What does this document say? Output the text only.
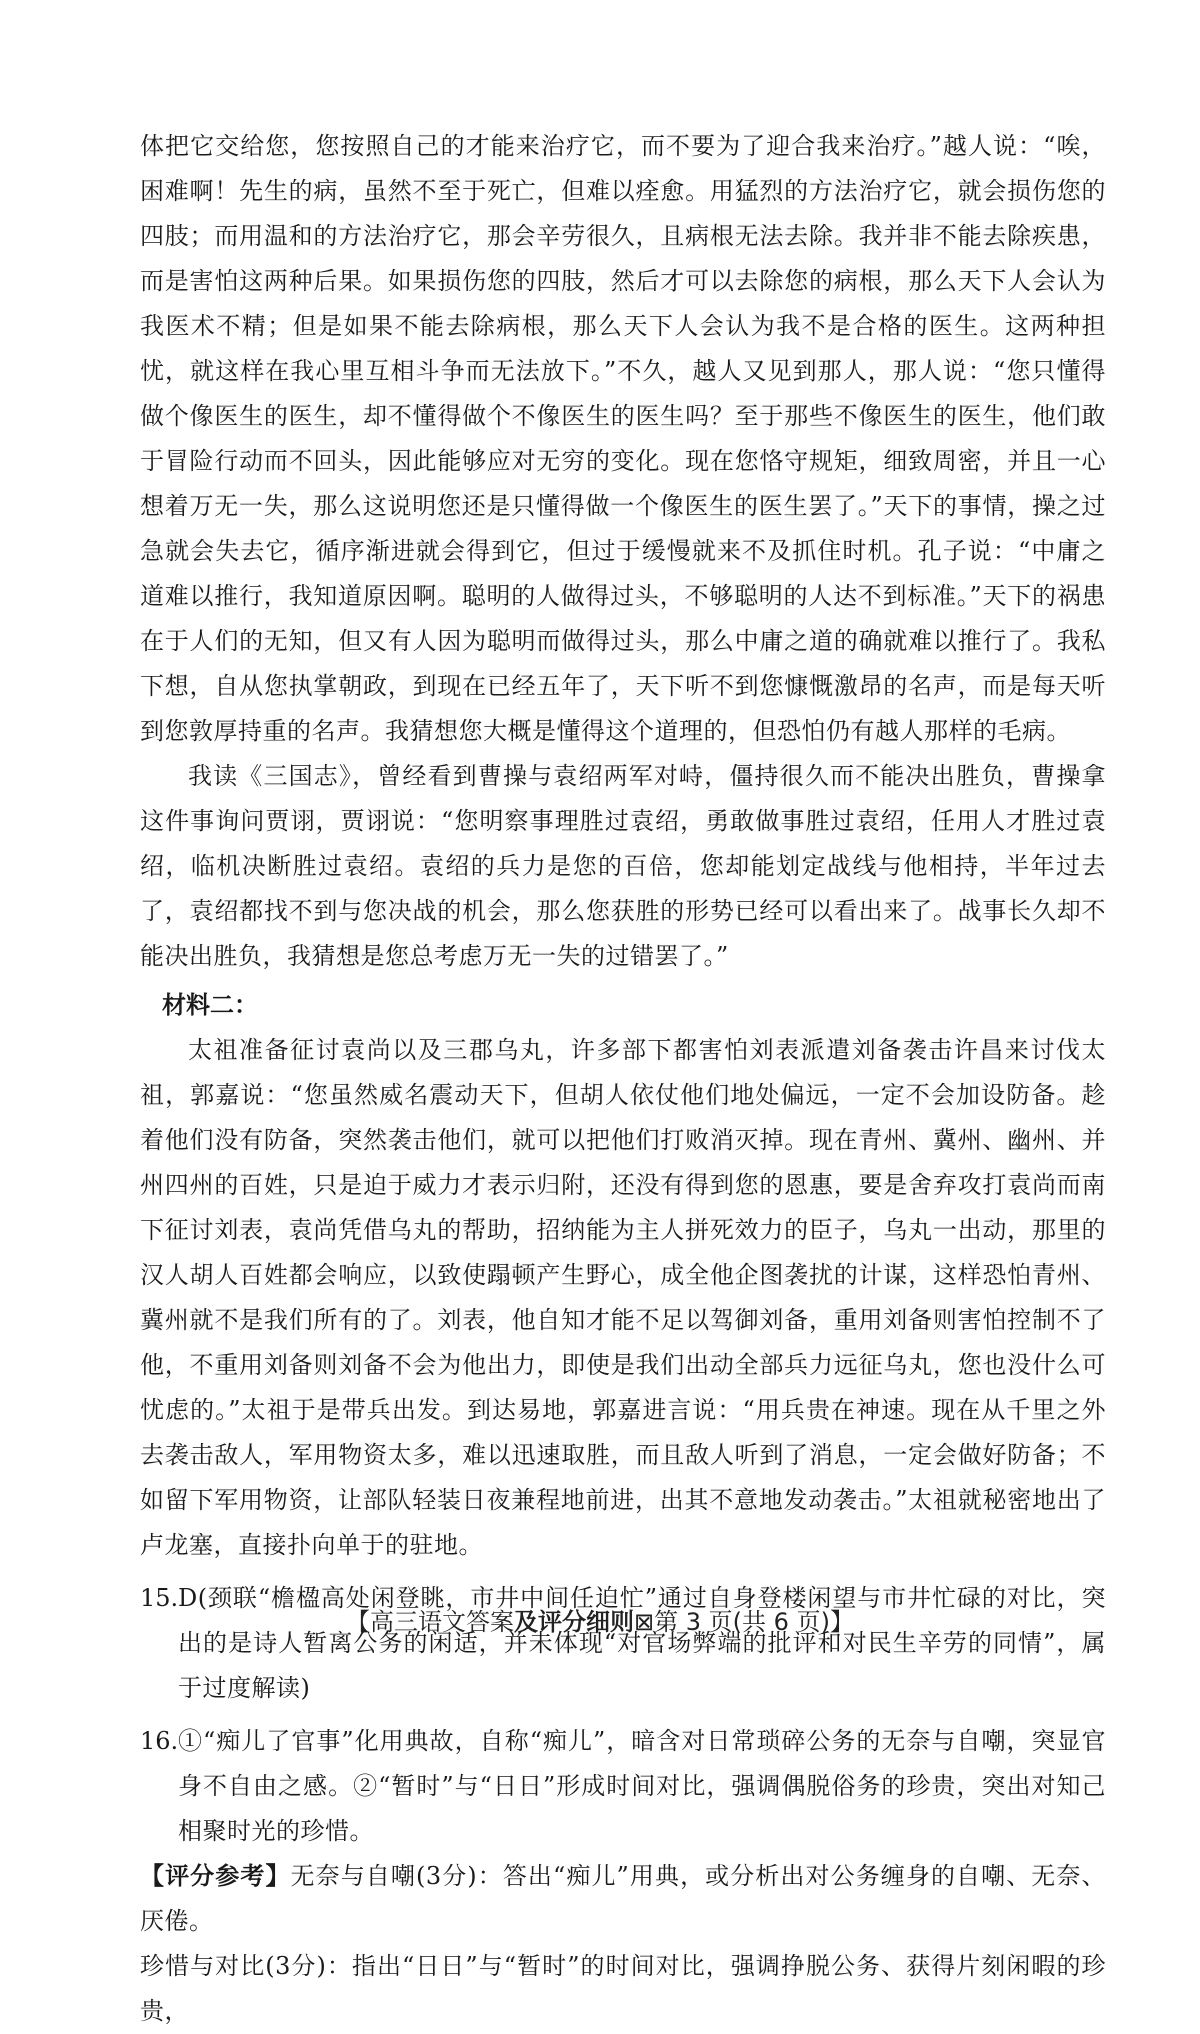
体把它交给您，您按照自己的才能来治疗它，而不要为了迎合我来治疗。”越人说：“唉，困难啊！先生的病，虽然不至于死亡，但难以痊愈。用猛烈的方法治疗它，就会损伤您的四肢；而用温和的方法治疗它，那会辛劳很久，且病根无法去除。我并非不能去除疾患，而是害怕这两种后果。如果损伤您的四肢，然后才可以去除您的病根，那么天下人会认为我医术不精；但是如果不能去除病根，那么天下人会认为我不是合格的医生。这两种担忧，就这样在我心里互相斗争而无法放下。”不久，越人又见到那人，那人说：“您只懂得做个像医生的医生，却不懂得做个不像医生的医生吗？至于那些不像医生的医生，他们敢于冒险行动而不回头，因此能够应对无穷的变化。现在您恪守规矩，细致周密，并且一心想着万无一失，那么这说明您还是只懂得做一个像医生的医生罢了。”天下的事情，操之过急就会失去它，循序渐进就会得到它，但过于缓慢就来不及抓住时机。孔子说：“中庸之道难以推行，我知道原因啊。聪明的人做得过头，不够聪明的人达不到标准。”天下的祸患在于人们的无知，但又有人因为聪明而做得过头，那么中庸之道的确就难以推行了。我私下想，自从您执掌朝政，到现在已经五年了，天下听不到您慷慨激昂的名声，而是每天听到您敦厚持重的名声。我猜想您大概是懂得这个道理的，但恐怕仍有越人那样的毛病。

我读《三国志》，曾经看到曹操与袁绍两军对峙，僵持很久而不能决出胜负，曹操拿这件事询问贾诩，贾诩说：“您明察事理胜过袁绍，勇敢做事胜过袁绍，任用人才胜过袁绍，临机决断胜过袁绍。袁绍的兵力是您的百倍，您却能划定战线与他相持，半年过去了，袁绍都找不到与您决战的机会，那么您获胜的形势已经可以看出来了。战事长久却不能决出胜负，我猜想是您总考虑万无一失的过错罢了。”

材料二：

太祖准备征讨袁尚以及三郡乌丸，许多部下都害怕刘表派遣刘备袭击许昌来讨伐太祖，郭嘉说：“您虽然威名震动天下，但胡人依仗他们地处偏远，一定不会加设防备。趁着他们没有防备，突然袭击他们，就可以把他们打败消灭掉。现在青州、冀州、幽州、并州四州的百姓，只是迫于威力才表示归附，还没有得到您的恩惠，要是舍弃攻打袁尚而南下征讨刘表，袁尚凭借乌丸的帮助，招纳能为主人拼死效力的臣子，乌丸一出动，那里的汉人胡人百姓都会响应，以致使蹋顿产生野心，成全他企图袭扰的计谋，这样恐怕青州、冀州就不是我们所有的了。刘表，他自知才能不足以驾御刘备，重用刘备则害怕控制不了他，不重用刘备则刘备不会为他出力，即使是我们出动全部兵力远征乌丸，您也没什么可忧虑的。”太祖于是带兵出发。到达易地，郭嘉进言说：“用兵贵在神速。现在从千里之外去袭击敌人，军用物资太多，难以迅速取胜，而且敌人听到了消息，一定会做好防备；不如留下军用物资，让部队轻装日夜兼程地前进，出其不意地发动袭击。”太祖就秘密地出了卢龙塞，直接扑向单于的驻地。

15. D(颈联“檐楹高处闲登眺，市井中间任迫忙”通过自身登楼闲望与市井忙碌的对比，突出的是诗人暂离公务的闲适，并未体现“对官场弊端的批评和对民生辛劳的同情”，属于过度解读)
16. ①“痴儿了官事”化用典故，自称“痴儿”，暗含对日常琐碎公务的无奈与自嘲，突显官身不自由之感。②“暂时”与“日日”形成时间对比，强调偶脱俗务的珍贵，突出对知己相聚时光的珍惜。

【评分参考】无奈与自嘲(3分)：答出“痴儿”用典，或分析出对公务缠身的自嘲、无奈、厌倦。

珍惜与对比(3分)：指出“日日”与“暂时”的时间对比，强调挣脱公务、获得片刻闲暇的珍贵，

【高三语文答案及评分细则⊠第 3 页(共 6 页)】
